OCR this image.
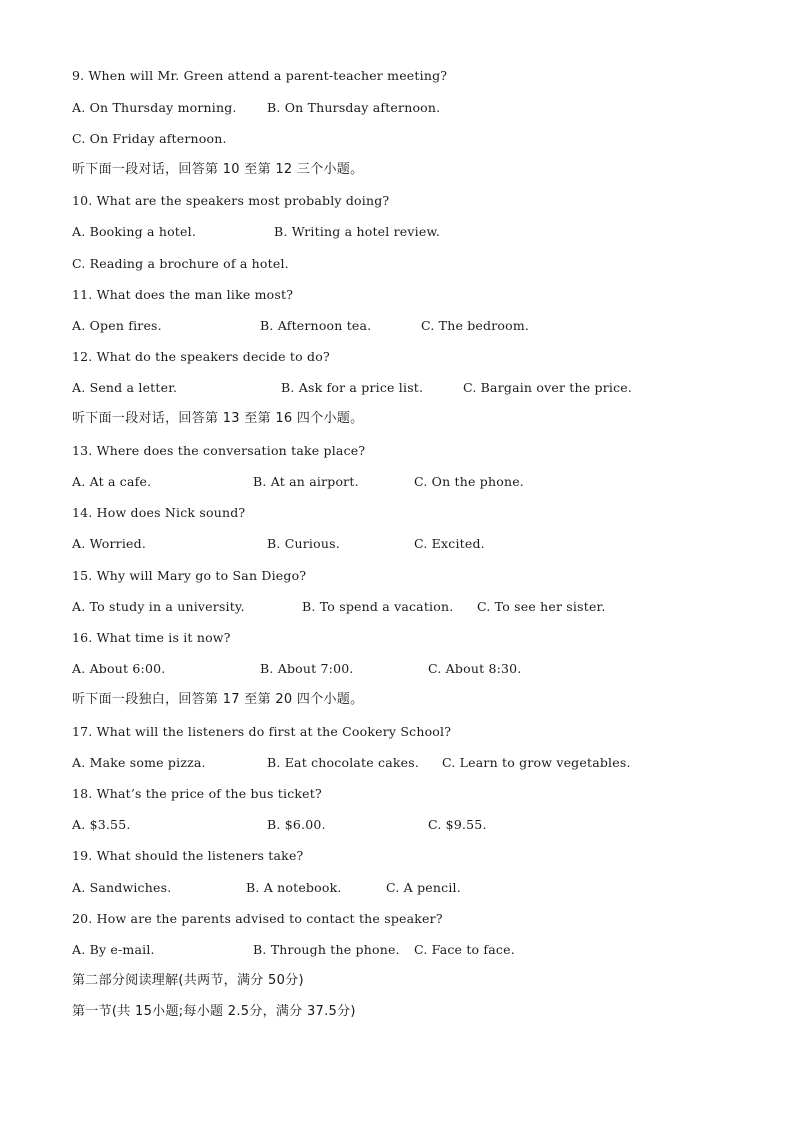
9. When will Mr. Green attend a parent-teacher meeting?

A. On Thursday morning.

B. On Thursday afternoon.

C. On Friday afternoon.

听下面一段对话，回答第 10 至第 12 三个小题。
10. What are the speakers most probably doing?

A. Booking a hotel.

	B. Writing a hotel review.

C. Reading a brochure of a hotel.

11. What does the man like most?

A. Open fires.

	B. Afternoon tea.

	C. The bedroom.

12. What do the speakers decide to do?

A. Send a letter.

	B. Ask for a price list.

	C. Bargain over the price.

听下面一段对话，回答第 13 至第 16 四个小题。
13. Where does the conversation take place?

A. At a cafe.

	B. At an airport.

	C. On the phone.

14. How does Nick sound?

A. Worried.

	B. Curious.

	C. Excited.

15. Why will Mary go to San Diego?

A. To study in a university.

	B. To spend a vacation.

C. To see her sister.

16. What time is it now?

A. About 6:00.

	B. About 7:00.

	C. About 8:30.

听下面一段独白，回答第 17 至第 20 四个小题。
17. What will the listeners do first at the Cookery School?

A. Make some pizza.

	B. Eat chocolate cakes.

C. Learn to grow vegetables.

18. What’s the price of the bus ticket?

A. $3.55.

	B. $6.00.

	C. $9.55.

19. What should the listeners take?

A. Sandwiches.

	B. A notebook.

	C. A pencil.

20. How are the parents advised to contact the speaker?

A. By e-mail.

	B. Through the phone.

C. Face to face.

第二部分阅读理解(共两节，满分 50分)
第一节(共 15小题;每小题 2.5分，满分 37.5分)
